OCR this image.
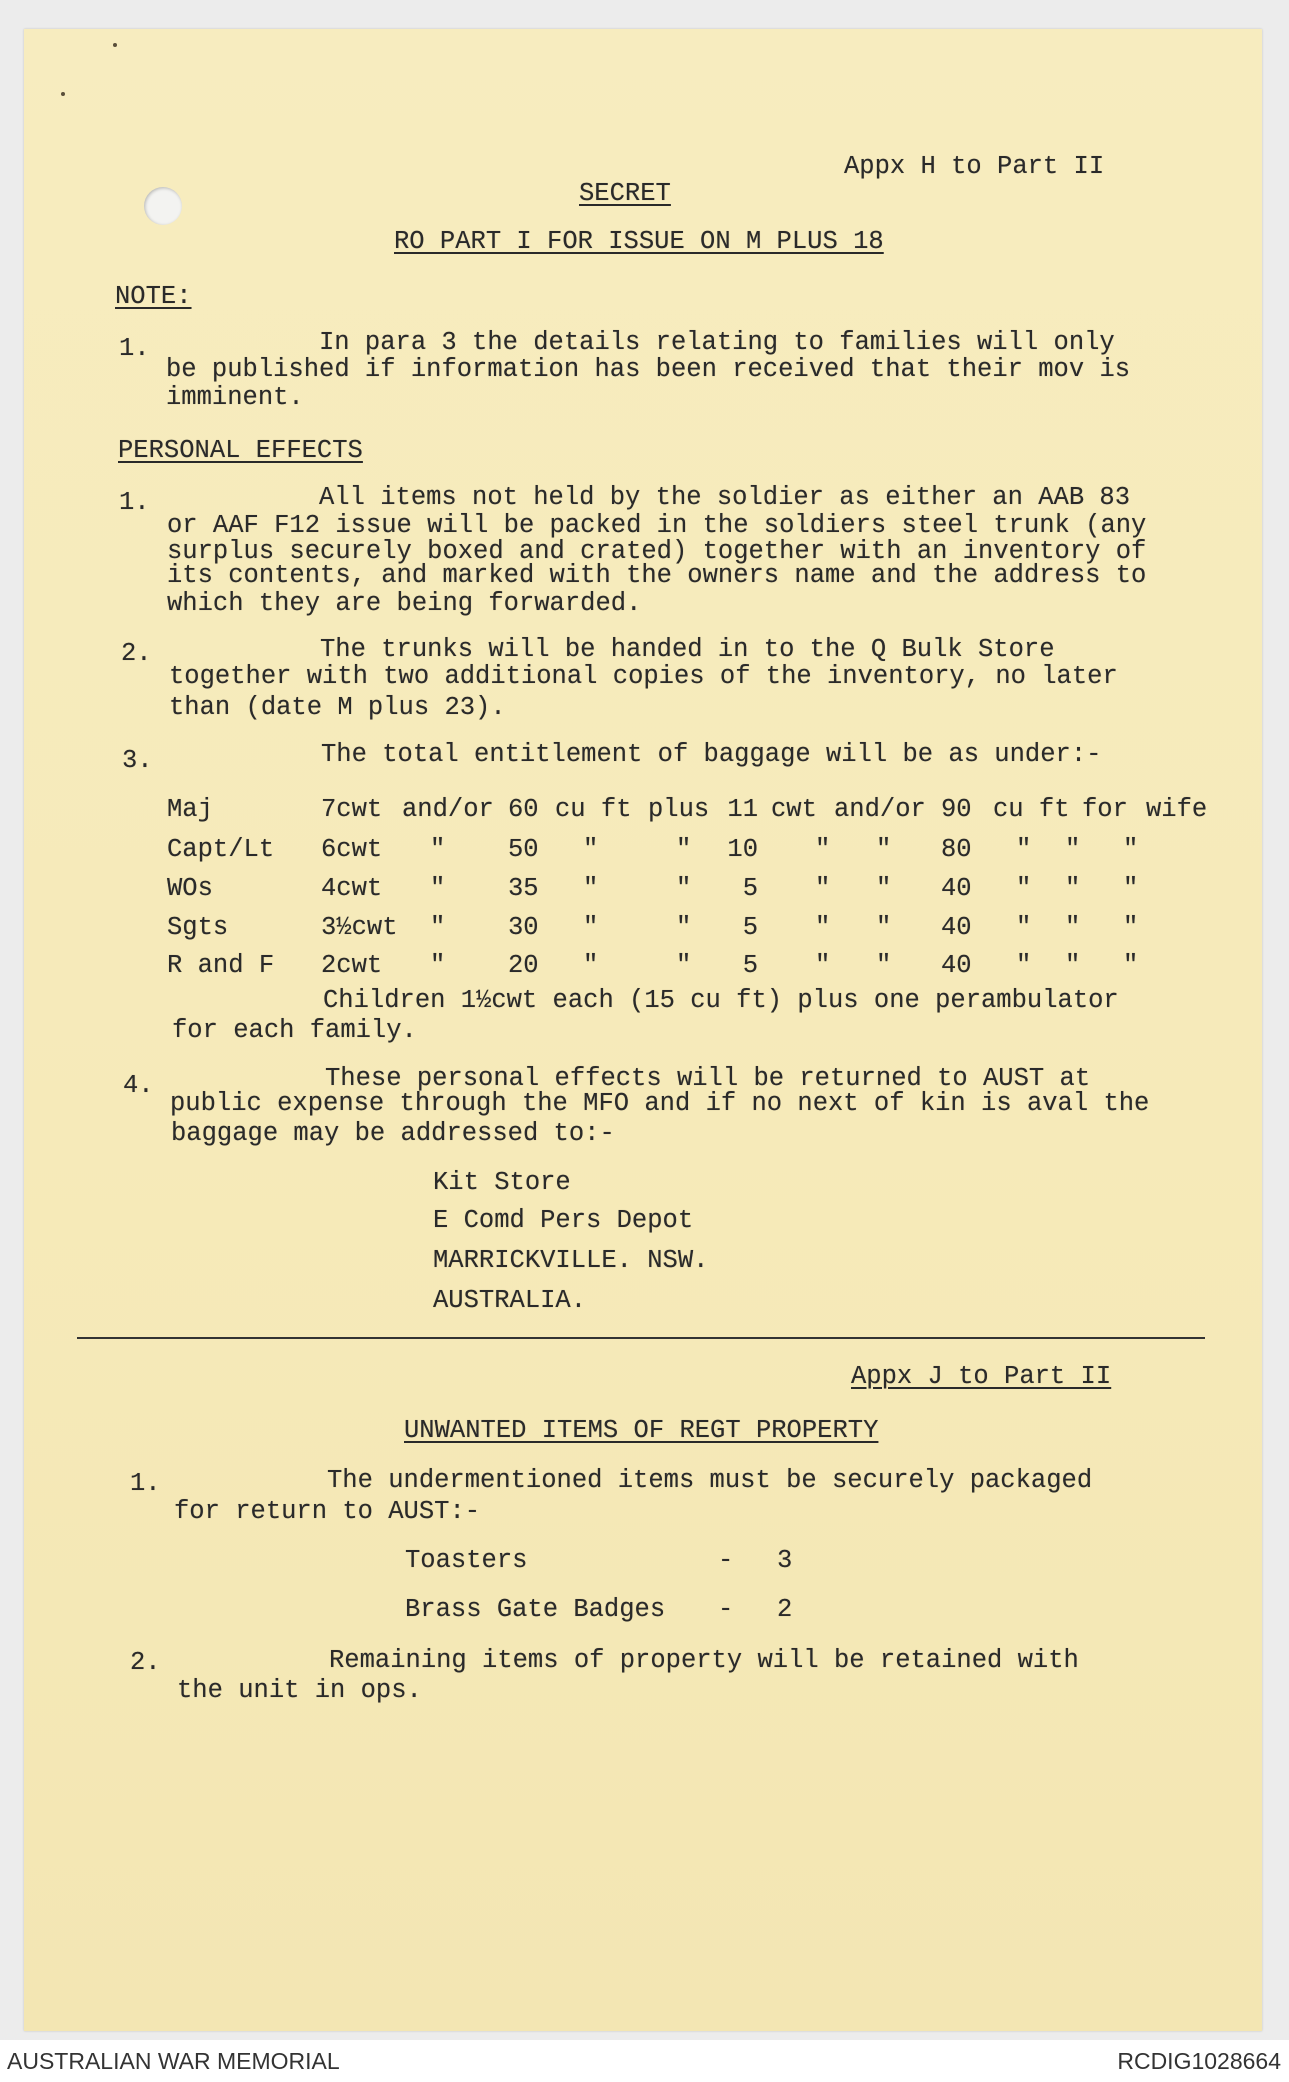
Appx H to Part II
SECRET
RO PART I FOR ISSUE ON M PLUS 18
NOTE:
1.	In para 3 the details relating to families will only
be published if information has been received that their mov is
imminent.
PERSONAL EFFECTS
1.	All items not held by the soldier as either an AAB 83
or AAF F12 issue will be packed in the soldiers steel trunk (any
surplus securely boxed and crated) together with an inventory of
its contents, and marked with the owners name and the address to
which they are being forwarded.
2.	The trunks will be handed in to the Q Bulk Store
together with two additional copies of the inventory, no later
than (date M plus 23).
3.	The total entitlement of baggage will be as under:-
Maj	7cwt and/or 60 cu ft plus 11 cwt and/or 90 cu ft for wife
Capt/Lt 6cwt " 50 "	"	10 " " 80 " " "
WOs	4cwt " 35 "	"	5 " " 40 " " "
Sgts	3½cwt " 30 "	"	5 " " 40 " " "
R and F 2cwt " 20 "	"	5 " " 40 " " "
Children 1½cwt each (15 cu ft) plus one perambulator
for each family.
4.	These personal effects will be returned to AUST at
public expense through the MFO and if no next of kin is aval the
baggage may be addressed to:-
Kit Store
E Comd Pers Depot
MARRICKVILLE. NSW.
AUSTRALIA.
Appx J to Part II
UNWANTED ITEMS OF REGT PROPERTY
1.	The undermentioned items must be securely packaged
for return to AUST:-
Toasters	- 3
Brass Gate Badges - 2
2.	Remaining items of property will be retained with
the unit in ops.
AUSTRALIAN WAR MEMORIAL	RCDIG1028664
